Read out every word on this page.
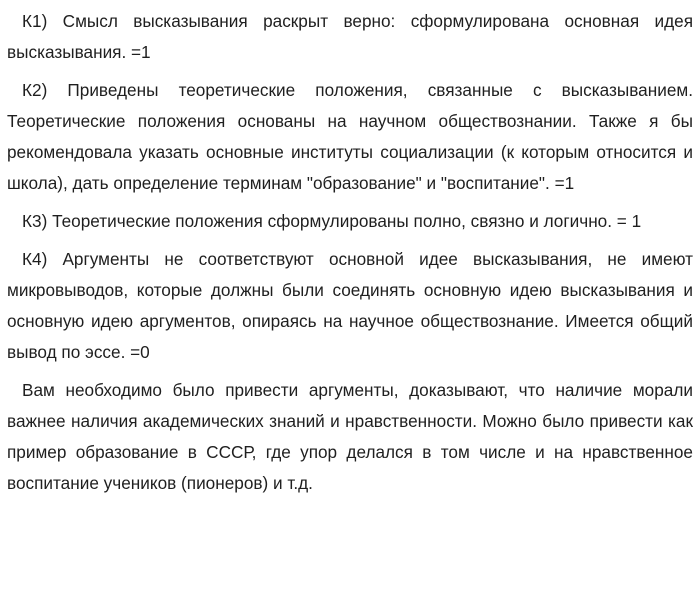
К1) Смысл высказывания раскрыт верно: сформулирована основная идея высказывания. =1

К2) Приведены теоретические положения, связанные с высказыванием. Теоретические положения основаны на научном обществознании. Также я бы рекомендовала указать основные институты социализации (к которым относится и школа), дать определение терминам "образование" и "воспитание". =1

К3) Теоретические положения сформулированы полно, связно и логично. = 1

К4) Аргументы не соответствуют основной идее высказывания, не имеют микровыводов, которые должны были соединять основную идею высказывания и основную идею аргументов, опираясь на научное обществознание. Имеется общий вывод по эссе. =0

Вам необходимо было привести аргументы, доказывают, что наличие морали важнее наличия академических знаний и нравственности. Можно было привести как пример образование в СССР, где упор делался в том числе и на нравственное воспитание учеников (пионеров) и т.д.
